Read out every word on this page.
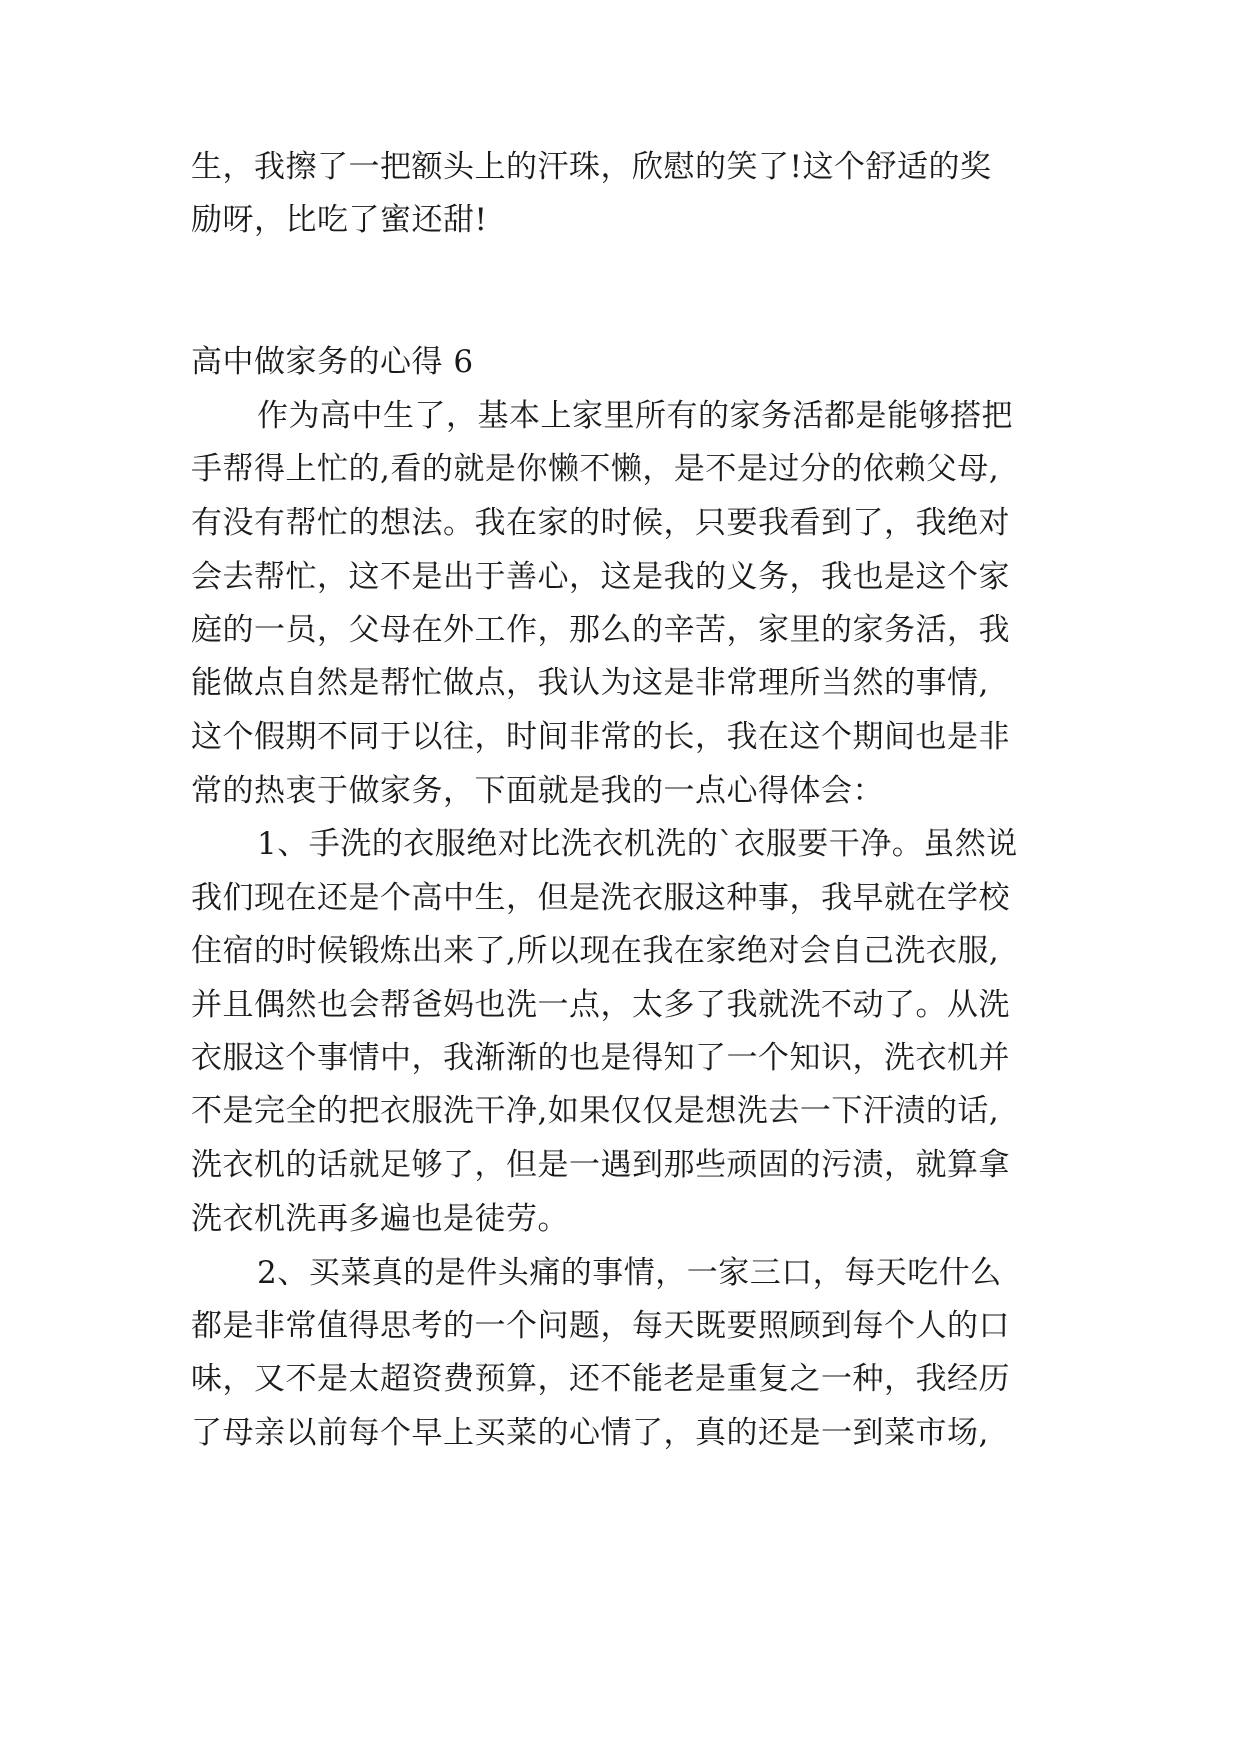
生，我擦了一把额头上的汗珠，欣慰的笑了!这个舒适的奖
励呀，比吃了蜜还甜!
高中做家务的心得 6
作为高中生了，基本上家里所有的家务活都是能够搭把
手帮得上忙的,看的就是你懒不懒，是不是过分的依赖父母,
有没有帮忙的想法。我在家的时候，只要我看到了，我绝对
会去帮忙，这不是出于善心，这是我的义务，我也是这个家
庭的一员，父母在外工作，那么的辛苦，家里的家务活，我
能做点自然是帮忙做点，我认为这是非常理所当然的事情,
这个假期不同于以往，时间非常的长，我在这个期间也是非
常的热衷于做家务，下面就是我的一点心得体会：
1、手洗的衣服绝对比洗衣机洗的`衣服要干净。虽然说
我们现在还是个高中生，但是洗衣服这种事，我早就在学校
住宿的时候锻炼出来了,所以现在我在家绝对会自己洗衣服,
并且偶然也会帮爸妈也洗一点，太多了我就洗不动了。从洗
衣服这个事情中，我渐渐的也是得知了一个知识，洗衣机并
不是完全的把衣服洗干净,如果仅仅是想洗去一下汗渍的话,
洗衣机的话就足够了，但是一遇到那些顽固的污渍，就算拿
洗衣机洗再多遍也是徒劳。
2、买菜真的是件头痛的事情，一家三口，每天吃什么
都是非常值得思考的一个问题，每天既要照顾到每个人的口
味，又不是太超资费预算，还不能老是重复之一种，我经历
了母亲以前每个早上买菜的心情了，真的还是一到菜市场,
